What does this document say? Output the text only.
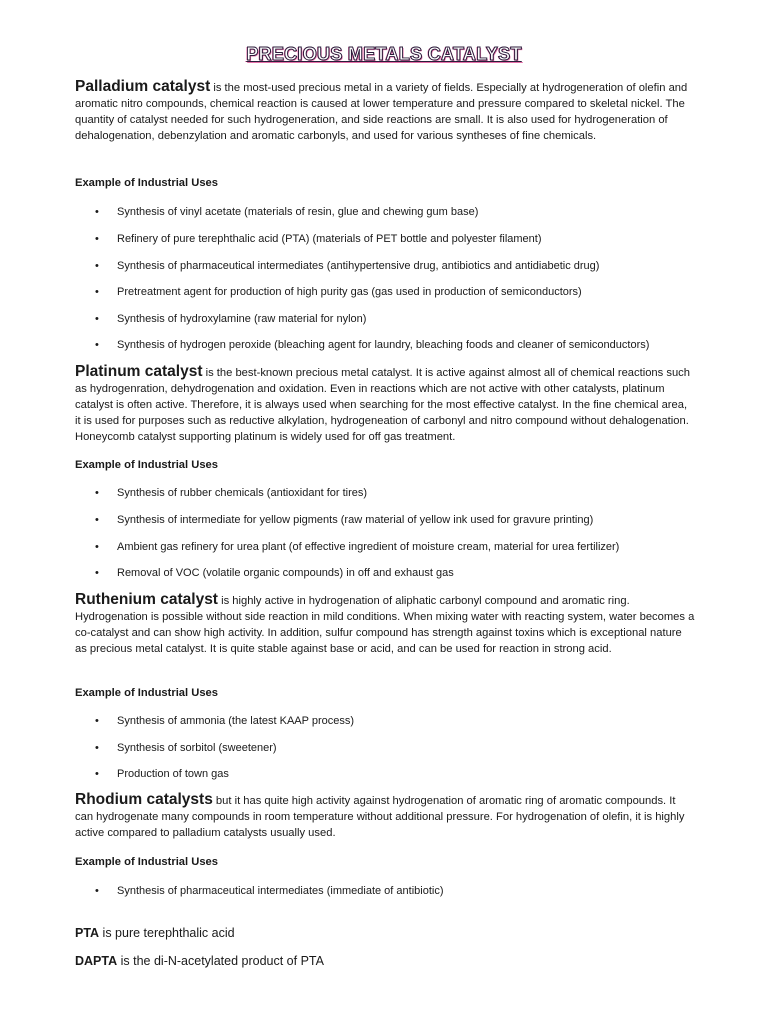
PRECIOUS METALS CATALYST

Palladium catalyst is the most-used precious metal in a variety of fields. Especially at hydrogeneration of olefin and aromatic nitro compounds, chemical reaction is caused at lower temperature and pressure compared to skeletal nickel. The quantity of catalyst needed for such hydrogeneration, and side reactions are small. It is also used for hydrogeneration of dehalogenation, debenzylation and aromatic carbonyls, and used for various syntheses of fine chemicals.

Example of Industrial Uses

• Synthesis of vinyl acetate (materials of resin, glue and chewing gum base)

• Refinery of pure terephthalic acid (PTA) (materials of PET bottle and polyester filament)

• Synthesis of pharmaceutical intermediates (antihypertensive drug, antibiotics and antidiabetic drug)

• Pretreatment agent for production of high purity gas (gas used in production of semiconductors)

• Synthesis of hydroxylamine (raw material for nylon)

• Synthesis of hydrogen peroxide (bleaching agent for laundry, bleaching foods and cleaner of semiconductors)

Platinum catalyst is the best-known precious metal catalyst. It is active against almost all of chemical reactions such as hydrogenration, dehydrogenation and oxidation. Even in reactions which are not active with other catalysts, platinum catalyst is often active. Therefore, it is always used when searching for the most effective catalyst. In the fine chemical area, it is used for purposes such as reductive alkylation, hydrogeneation of carbonyl and nitro compound without dehalogenation. Honeycomb catalyst supporting platinum is widely used for off gas treatment.

Example of Industrial Uses

• Synthesis of rubber chemicals (antioxidant for tires)

• Synthesis of intermediate for yellow pigments (raw material of yellow ink used for gravure printing)

• Ambient gas refinery for urea plant (of effective ingredient of moisture cream, material for urea fertilizer)

• Removal of VOC (volatile organic compounds) in off and exhaust gas

Ruthenium catalyst is highly active in hydrogenation of aliphatic carbonyl compound and aromatic ring. Hydrogenation is possible without side reaction in mild conditions. When mixing water with reacting system, water becomes a co-catalyst and can show high activity. In addition, sulfur compound has strength against toxins which is exceptional nature as precious metal catalyst. It is quite stable against base or acid, and can be used for reaction in strong acid.

Example of Industrial Uses

• Synthesis of ammonia (the latest KAAP process)

• Synthesis of sorbitol (sweetener)

• Production of town gas

Rhodium catalysts but it has quite high activity against hydrogenation of aromatic ring of aromatic compounds. It can hydrogenate many compounds in room temperature without additional pressure. For hydrogenation of olefin, it is highly active compared to palladium catalysts usually used.

Example of Industrial Uses

• Synthesis of pharmaceutical intermediates (immediate of antibiotic)

PTA is pure terephthalic acid

DAPTA is the di-N-acetylated product of PTA
